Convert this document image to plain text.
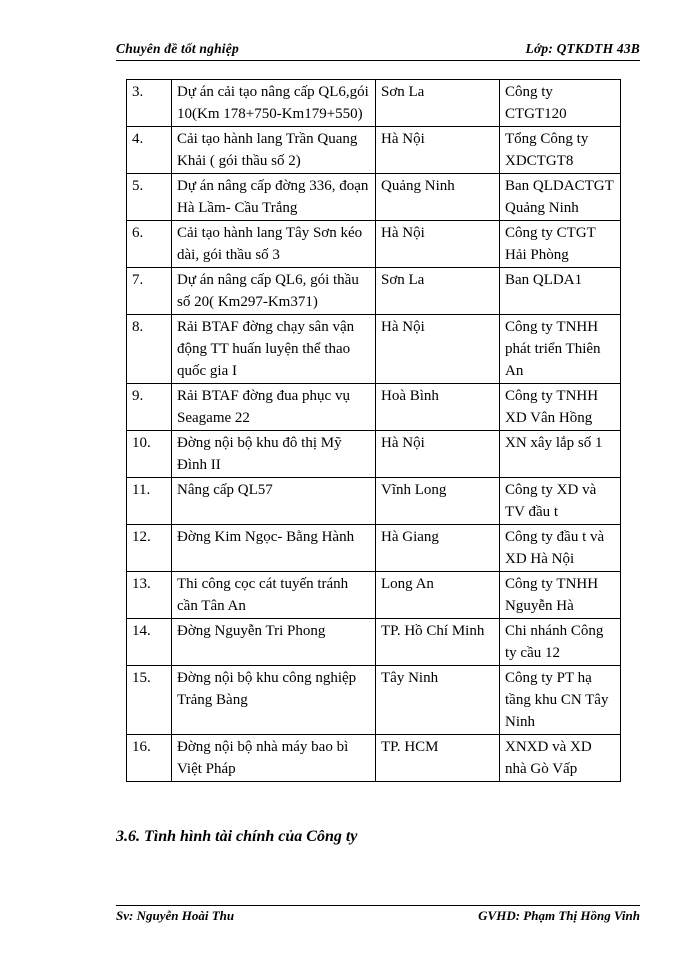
Chuyên đề tốt nghiệp	Lớp: QTKDTH 43B
3.	Dự án cải tạo nâng cấp QL6,gói 10(Km 178+750-Km179+550)	Sơn La	Công ty CTGT120
4.	Cải tạo hành lang Trần Quang Khải ( gói thầu số 2)	Hà Nội	Tổng Công ty XDCTGT8
5.	Dự án nâng cấp đờng 336, đoạn Hà Lầm- Cầu Trắng	Quảng Ninh	Ban QLDACTGT Quảng Ninh
6.	Cải tạo hành lang Tây Sơn kéo dài, gói thầu số 3	Hà Nội	Công ty CTGT Hải Phòng
7.	Dự án nâng cấp QL6, gói thầu số 20( Km297-Km371)	Sơn La	Ban QLDA1
8.	Rải BTAF đờng chạy sân vận động TT huấn luyện thể thao quốc gia I	Hà Nội	Công ty TNHH phát triển Thiên An
9.	Rải BTAF đờng đua phục vụ Seagame 22	Hoà Bình	Công ty TNHH XD Vân Hồng
10.	Đờng nội bộ khu đô thị Mỹ Đình II	Hà Nội	XN xây lắp số 1
11.	Nâng cấp QL57	Vĩnh Long	Công ty XD và TV đầu t
12.	Đờng Kim Ngọc- Bằng Hành	Hà Giang	Công ty đầu t và XD Hà Nội
13.	Thi công cọc cát tuyến tránh cần Tân An	Long An	Công ty TNHH Nguyễn Hà
14.	Đờng Nguyễn Tri Phong	TP. Hồ Chí Minh	Chi nhánh Công ty cầu 12
15.	Đờng nội bộ khu công nghiệp Trảng Bàng	Tây Ninh	Công ty PT hạ tầng khu CN Tây Ninh
16.	Đờng nội bộ nhà máy bao bì Việt Pháp	TP. HCM	XNXD và XD nhà Gò Vấp
3.6. Tình hình tài chính của Công ty
Sv: Nguyễn Hoài Thu	GVHD: Phạm Thị Hồng Vinh
